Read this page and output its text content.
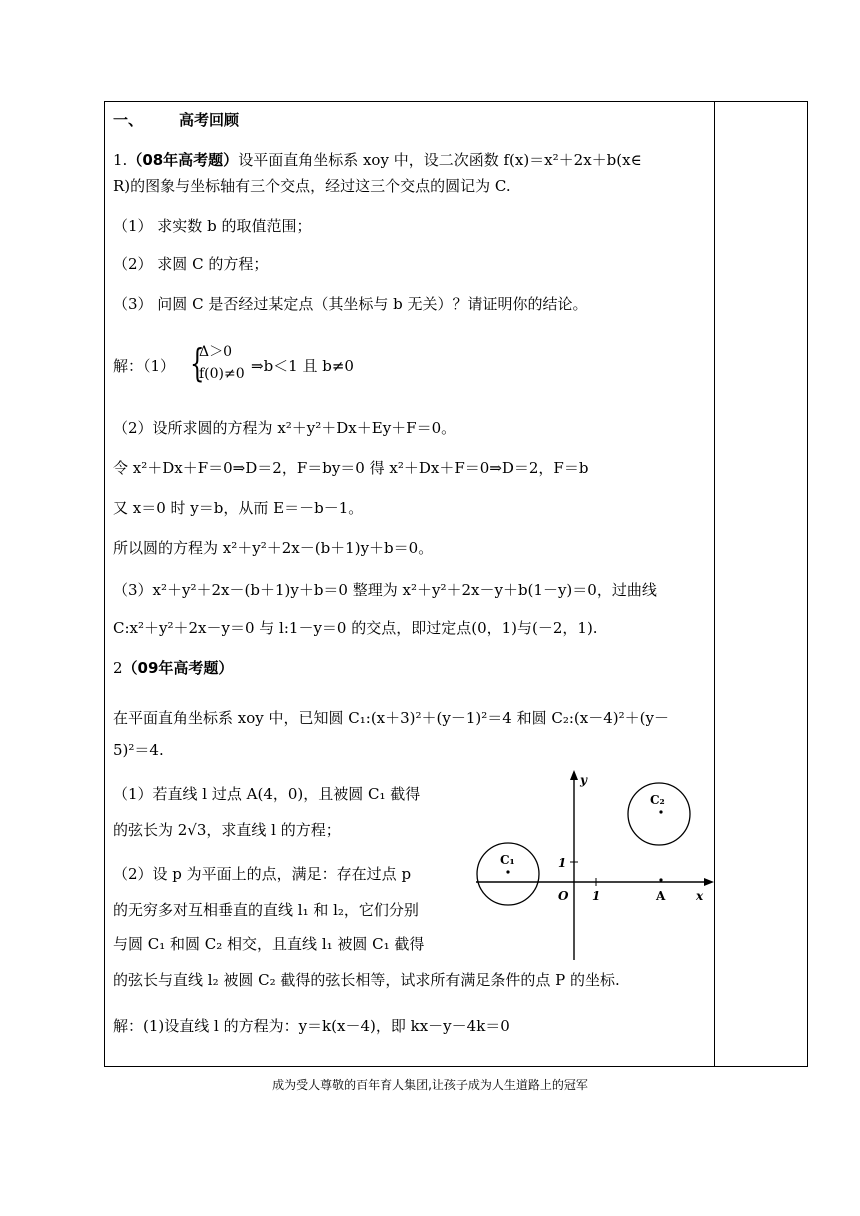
一、 高考回顾
1.（08年高考题）设平面直角坐标系 xoy 中，设二次函数 f(x)＝x²＋2x＋b(x∈
R)的图象与坐标轴有三个交点，经过这三个交点的圆记为 C.
（1） 求实数 b 的取值范围；
（2） 求圆 C 的方程；
（3） 问圆 C 是否经过某定点（其坐标与 b 无关）？请证明你的结论。
解：（1） {
Δ＞0
f(0)≠0 ⇒b＜1 且 b≠0
（2）设所求圆的方程为 x²＋y²＋Dx＋Ey＋F＝0。
令 x²＋Dx＋F＝0⇒D＝2，F＝by＝0 得 x²＋Dx＋F＝0⇒D＝2，F＝b
又 x＝0 时 y＝b，从而 E＝－b－1。
所以圆的方程为 x²＋y²＋2x－(b＋1)y＋b＝0。
（3）x²＋y²＋2x－(b＋1)y＋b＝0 整理为 x²＋y²＋2x－y＋b(1－y)＝0，过曲线
C:x²＋y²＋2x－y＝0 与 l:1－y＝0 的交点，即过定点(0，1)与(－2，1).
2（09年高考题）
在平面直角坐标系 xoy 中，已知圆 C₁:(x＋3)²＋(y－1)²＝4 和圆 C₂:(x－4)²＋(y－
5)²＝4.
（1）若直线 l 过点 A(4，0)，且被圆 C₁ 截得
的弦长为 2√3，求直线 l 的方程；
（2）设 p 为平面上的点，满足：存在过点 p
的无穷多对互相垂直的直线 l₁ 和 l₂，它们分别
与圆 C₁ 和圆 C₂ 相交，且直线 l₁ 被圆 C₁ 截得
的弦长与直线 l₂ 被圆 C₂ 截得的弦长相等，试求所有满足条件的点 P 的坐标.
解：(1)设直线 l 的方程为：y＝k(x－4)，即 kx－y－4k＝0
y
x
O 1
1
A
C₁
C₂
成为受人尊敬的百年育人集团,让孩子成为人生道路上的冠军
